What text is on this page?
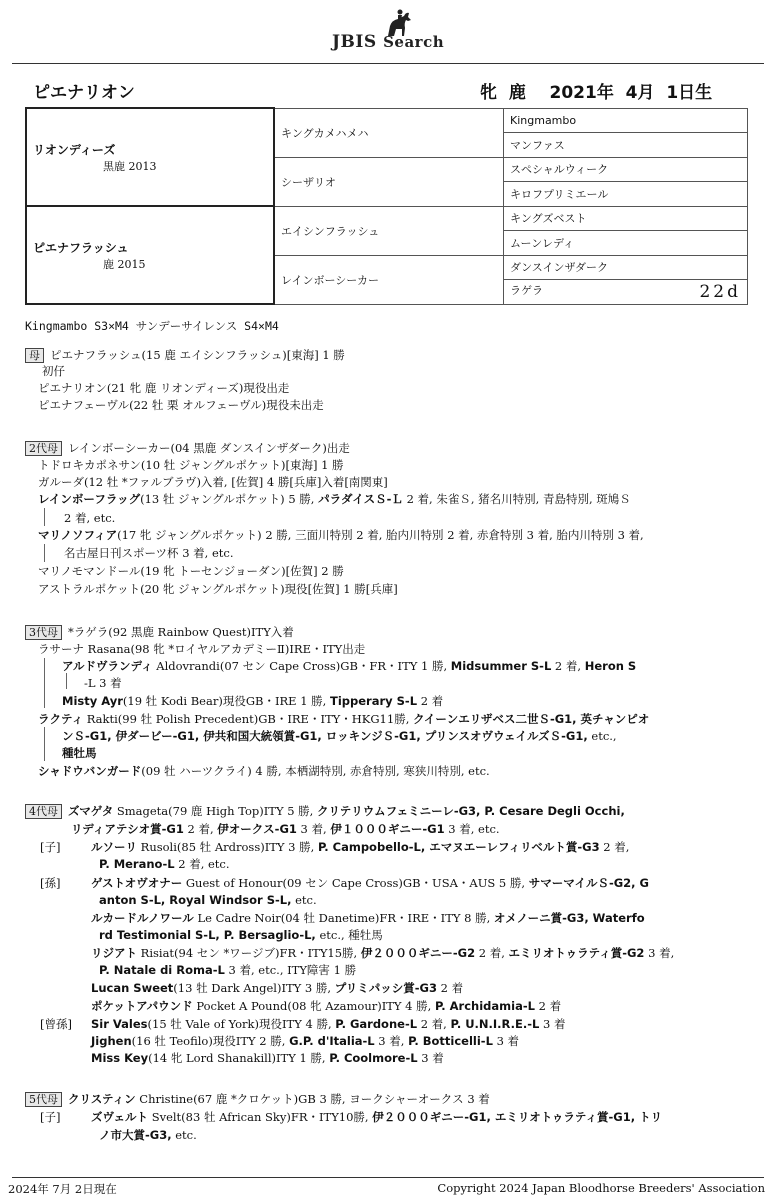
JBIS Search
ピエナリオン	牝  鹿    2021年  4月  1日生
リオンディーズ
黒鹿 2013	キングカメハメハ	Kingmambo
		マンファス
	シーザリオ	スペシャルウィーク
		キロフプリミエール

ピエナフラッシュ
鹿 2015	エイシンフラッシュ	キングズベスト
		ムーンレディ
	レインボーシーカー	ダンスインザダーク
		ラゲラ 22d
Kingmambo S3×M4 サンデーサイレンス S4×M4
母 ピエナフラッシュ(15 鹿 エイシンフラッシュ)[東海] 1 勝
初仔
ピエナリオン(21 牝 鹿 リオンディーズ)現役出走
ピエナフェーヴル(22 牡 栗 オルフェーヴル)現役未出走
2代母 レインボーシーカー(04 黒鹿 ダンスインザダーク)出走
トドロキカポネサン(10 牡 ジャングルポケット)[東海] 1 勝
ガルーダ(12 牡 *ファルブラヴ)入着, [佐賀] 4 勝[兵庫]入着[南関東]
レインボーフラッグ(13 牡 ジャングルポケット) 5 勝, パラダイスＳ-Ｌ 2 着, 朱雀Ｓ, 猪名川特別, 青島特別, 斑鳩Ｓ
2 着, etc.
マリノソフィア(17 牝 ジャングルポケット) 2 勝, 三面川特別 2 着, 胎内川特別 2 着, 赤倉特別 3 着, 胎内川特別 3 着,
名古屋日刊スポーツ杯 3 着, etc.
マリノモマンドール(19 牝 トーセンジョーダン)[佐賀] 2 勝
アストラルポケット(20 牝 ジャングルポケット)現役[佐賀] 1 勝[兵庫]
3代母 *ラゲラ(92 黒鹿 Rainbow Quest)ITY入着
ラサーナ Rasana(98 牝 *ロイヤルアカデミーⅡ)IRE・ITY出走
アルドヴランディ Aldovrandi(07 セン Cape Cross)GB・FR・ITY 1 勝, Midsummer S-L 2 着, Heron S
-L 3 着
Misty Ayr(19 牡 Kodi Bear)現役GB・IRE 1 勝, Tipperary S-L 2 着
ラクティ Rakti(99 牡 Polish Precedent)GB・IRE・ITY・HKG11勝, クイーンエリザベス二世Ｓ-G1, 英チャンピオ
ンＳ-G1, 伊ダービー-G1, 伊共和国大統領賞-G1, ロッキンジＳ-G1, プリンスオヴウェイルズＳ-G1, etc.,
種牡馬
シャドウバンガード(09 牡 ハーツクライ) 4 勝, 本栖湖特別, 赤倉特別, 寒狭川特別, etc.
4代母 ズマゲタ Smageta(79 鹿 High Top)ITY 5 勝, クリテリウムフェミニーレ-G3, P. Cesare Degli Occhi,
リディアテシオ賞-G1 2 着, 伊オークス-G1 3 着, 伊１０００ギニー-G1 3 着, etc.
[子]	ルソーリ Rusoli(85 牡 Ardross)ITY 3 勝, P. Campobello-L, エマヌエーレフィリベルト賞-G3 2 着,
P. Merano-L 2 着, etc.
[孫]	ゲストオヴオナー Guest of Honour(09 セン Cape Cross)GB・USA・AUS 5 勝, サマーマイルＳ-G2, G
anton S-L, Royal Windsor S-L, etc.
ルカードルノワール Le Cadre Noir(04 牡 Danetime)FR・IRE・ITY 8 勝, オメノーニ賞-G3, Waterfo
rd Testimonial S-L, P. Bersaglio-L, etc., 種牡馬
リジアト Risiat(94 セン *ワージブ)FR・ITY15勝, 伊２０００ギニー-G2 2 着, エミリオトゥラティ賞-G2 3 着,
P. Natale di Roma-L 3 着, etc., ITY障害 1 勝
Lucan Sweet(13 牡 Dark Angel)ITY 3 勝, プリミパッシ賞-G3 2 着
ポケットアパウンド Pocket A Pound(08 牝 Azamour)ITY 4 勝, P. Archidamia-L 2 着
[曾孫] Sir Vales(15 牡 Vale of York)現役ITY 4 勝, P. Gardone-L 2 着, P. U.N.I.R.E.-L 3 着
Jighen(16 牡 Teofilo)現役ITY 2 勝, G.P. d'Italia-L 3 着, P. Botticelli-L 3 着
Miss Key(14 牝 Lord Shanakill)ITY 1 勝, P. Coolmore-L 3 着
5代母 クリスティン Christine(67 鹿 *クロケット)GB 3 勝, ヨークシャーオークス 3 着
[子]	ズヴェルト Svelt(83 牡 African Sky)FR・ITY10勝, 伊２０００ギニー-G1, エミリオトゥラティ賞-G1, トリ
ノ市大賞-G3, etc.
2024年 7月 2日現在	Copyright 2024 Japan Bloodhorse Breeders' Association
